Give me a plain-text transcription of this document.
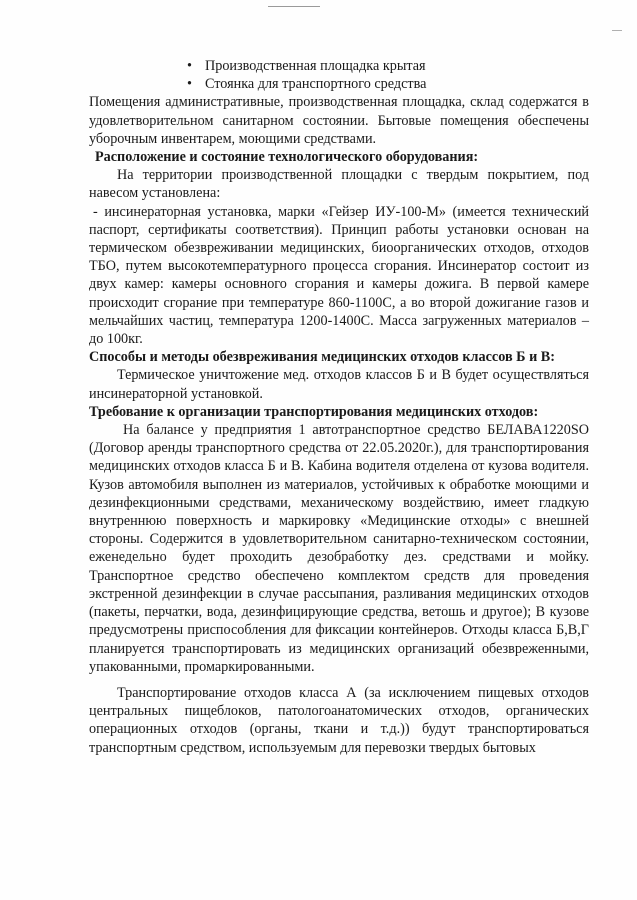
• Производственная площадка крытая
• Стоянка для транспортного средства

Помещения административные, производственная площадка, склад содержатся в удовлетворительном санитарном состоянии. Бытовые помещения обеспечены уборочным инвентарем, моющими средствами.

Расположение и состояние технологического оборудования:

На территории производственной площадки с твердым покрытием, под навесом установлена:

- инсинераторная установка, марки «Гейзер ИУ-100-М» (имеется технический паспорт, сертификаты соответствия). Принцип работы установки основан на термическом обезвреживании медицинских, биоорганических отходов, отходов ТБО, путем высокотемпературного процесса сгорания. Инсинератор состоит из двух камер: камеры основного сгорания и камеры дожига. В первой камере происходит сгорание при температуре 860-1100С, а во второй дожигание газов и мельчайших частиц, температура 1200-1400С. Масса загруженных материалов – до 100кг.

Способы и методы обезвреживания медицинских отходов классов Б и В:

Термическое уничтожение мед. отходов классов Б и В будет осуществляться инсинераторной установкой.

Требование к организации транспортирования медицинских отходов:

На балансе у предприятия 1 автотранспортное средство БЕЛАВА1220SO (Договор аренды транспортного средства от 22.05.2020г.), для транспортирования медицинских отходов класса Б и В. Кабина водителя отделена от кузова водителя. Кузов автомобиля выполнен из материалов, устойчивых к обработке моющими и дезинфекционными средствами, механическому воздействию, имеет гладкую внутреннюю поверхность и маркировку «Медицинские отходы» с внешней стороны. Содержится в удовлетворительном санитарно-техническом состоянии, еженедельно будет проходить дезобработку дез. средствами и мойку. Транспортное средство обеспечено комплектом средств для проведения экстренной дезинфекции в случае рассыпания, разливания медицинских отходов (пакеты, перчатки, вода, дезинфицирующие средства, ветошь и другое); В кузове предусмотрены приспособления для фиксации контейнеров. Отходы класса Б,В,Г планируется транспортировать из медицинских организаций обезвреженными, упакованными, промаркированными.

Транспортирование отходов класса А (за исключением пищевых отходов центральных пищеблоков, патологоанатомических отходов, органических операционных отходов (органы, ткани и т.д.)) будут транспортироваться транспортным средством, используемым для перевозки твердых бытовых
